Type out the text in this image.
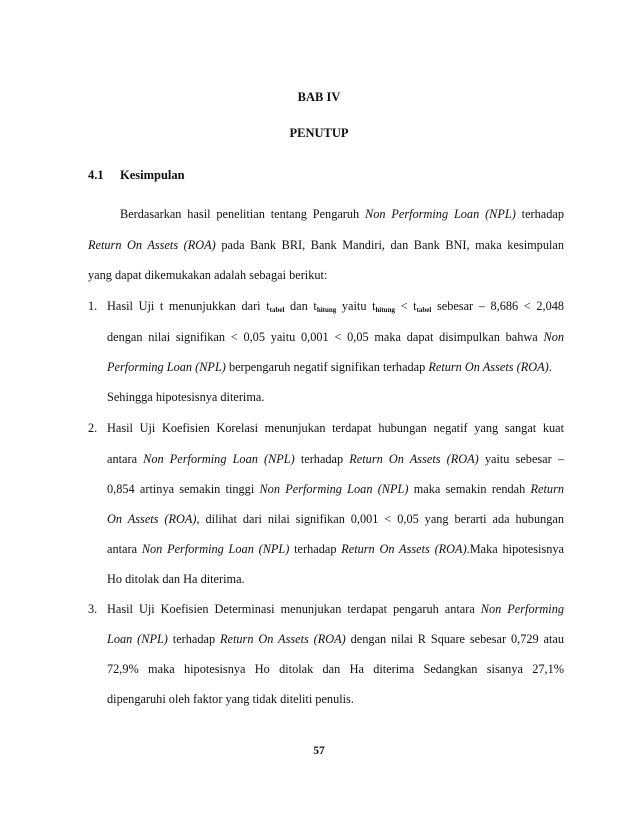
BAB IV
PENUTUP
4.1 Kesimpulan
Berdasarkan hasil penelitian tentang Pengaruh Non Performing Loan (NPL) terhadap
Return On Assets (ROA) pada Bank BRI, Bank Mandiri, dan Bank BNI, maka kesimpulan
yang dapat dikemukakan adalah sebagai berikut:
1. Hasil Uji t menunjukkan dari $t_{tabel}$ dan $t_{hitung}$ yaitu $t_{hitung} < t_{tabel}$ sebesar – 8,686 < 2,048
dengan nilai signifikan < 0,05 yaitu 0,001 < 0,05 maka dapat disimpulkan bahwa Non
Performing Loan (NPL) berpengaruh negatif signifikan terhadap Return On Assets (ROA).
Sehingga hipotesisnya diterima.
2. Hasil Uji Koefisien Korelasi menunjukan terdapat hubungan negatif yang sangat kuat
antara Non Performing Loan (NPL) terhadap Return On Assets (ROA) yaitu sebesar –
0,854 artinya semakin tinggi Non Performing Loan (NPL) maka semakin rendah Return
On Assets (ROA), dilihat dari nilai signifikan 0,001 < 0,05 yang berarti ada hubungan
antara Non Performing Loan (NPL) terhadap Return On Assets (ROA).Maka hipotesisnya
Ho ditolak dan Ha diterima.
3. Hasil Uji Koefisien Determinasi menunjukan terdapat pengaruh antara Non Performing
Loan (NPL) terhadap Return On Assets (ROA) dengan nilai R Square sebesar 0,729 atau
72,9% maka hipotesisnya Ho ditolak dan Ha diterima Sedangkan sisanya 27,1%
dipengaruhi oleh faktor yang tidak diteliti penulis.
57
